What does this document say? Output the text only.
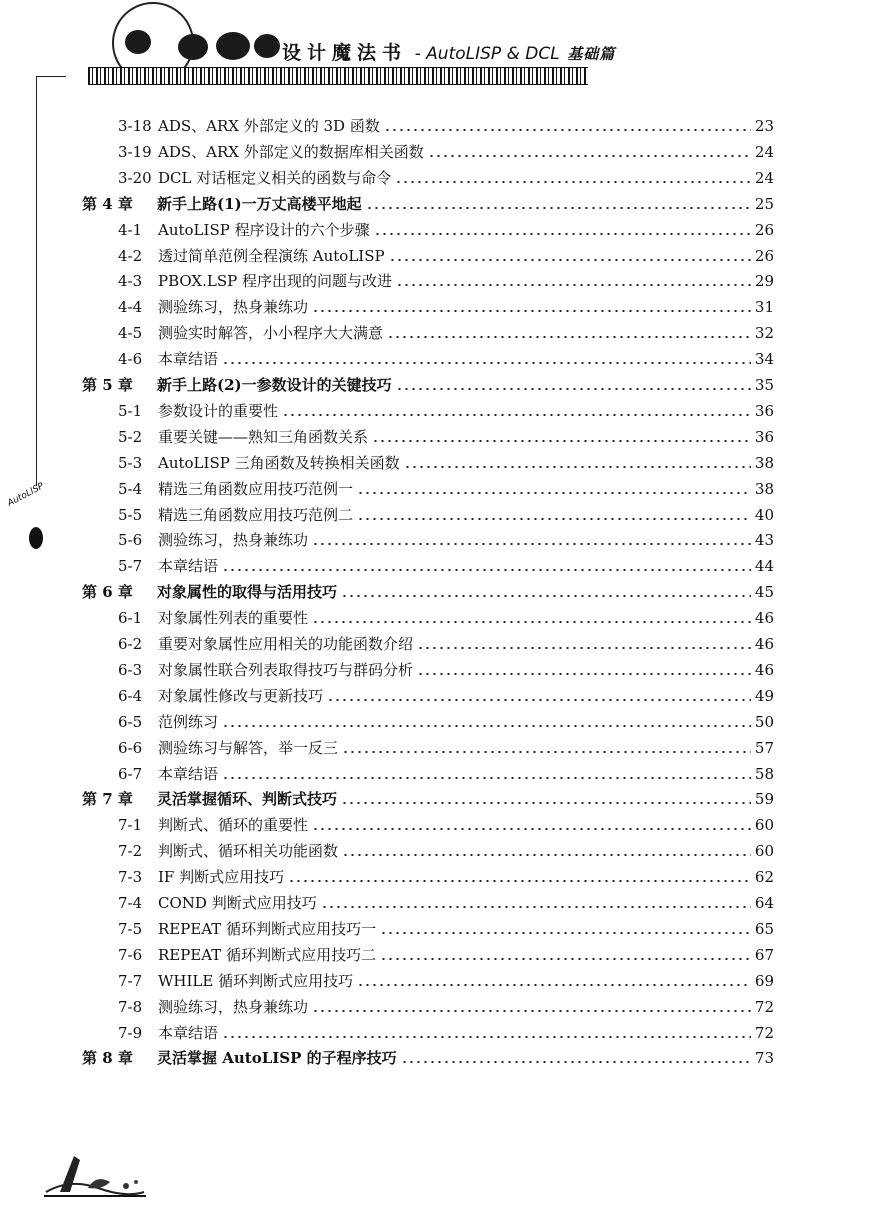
设计魔法书 - AutoLISP & DCL 基础篇
AutoLISP
3-18 ADS、ARX 外部定义的 3D 函数	23
3-19 ADS、ARX 外部定义的数据库相关函数	24
3-20 DCL 对话框定义相关的函数与命令	24
第 4 章	新手上路(1)一万丈高楼平地起	25
4-1	AutoLISP 程序设计的六个步骤	26
4-2	透过简单范例全程演练 AutoLISP	26
4-3	PBOX.LSP 程序出现的问题与改进	29
4-4	测验练习，热身兼练功	31
4-5	测验实时解答，小小程序大大满意	32
4-6	本章结语	34
第 5 章	新手上路(2)一参数设计的关键技巧	35
5-1	参数设计的重要性	36
5-2	重要关键——熟知三角函数关系	36
5-3	AutoLISP 三角函数及转换相关函数	38
5-4	精选三角函数应用技巧范例一	38
5-5	精选三角函数应用技巧范例二	40
5-6	测验练习，热身兼练功	43
5-7	本章结语	44
第 6 章	对象属性的取得与活用技巧	45
6-1	对象属性列表的重要性	46
6-2	重要对象属性应用相关的功能函数介绍	46
6-3	对象属性联合列表取得技巧与群码分析	46
6-4	对象属性修改与更新技巧	49
6-5	范例练习	50
6-6	测验练习与解答，举一反三	57
6-7	本章结语	58
第 7 章	灵活掌握循环、判断式技巧	59
7-1	判断式、循环的重要性	60
7-2	判断式、循环相关功能函数	60
7-3	IF 判断式应用技巧	62
7-4	COND 判断式应用技巧	64
7-5	REPEAT 循环判断式应用技巧一	65
7-6	REPEAT 循环判断式应用技巧二	67
7-7	WHILE 循环判断式应用技巧	69
7-8	测验练习，热身兼练功	72
7-9	本章结语	72
第 8 章	灵活掌握 AutoLISP 的子程序技巧	73
